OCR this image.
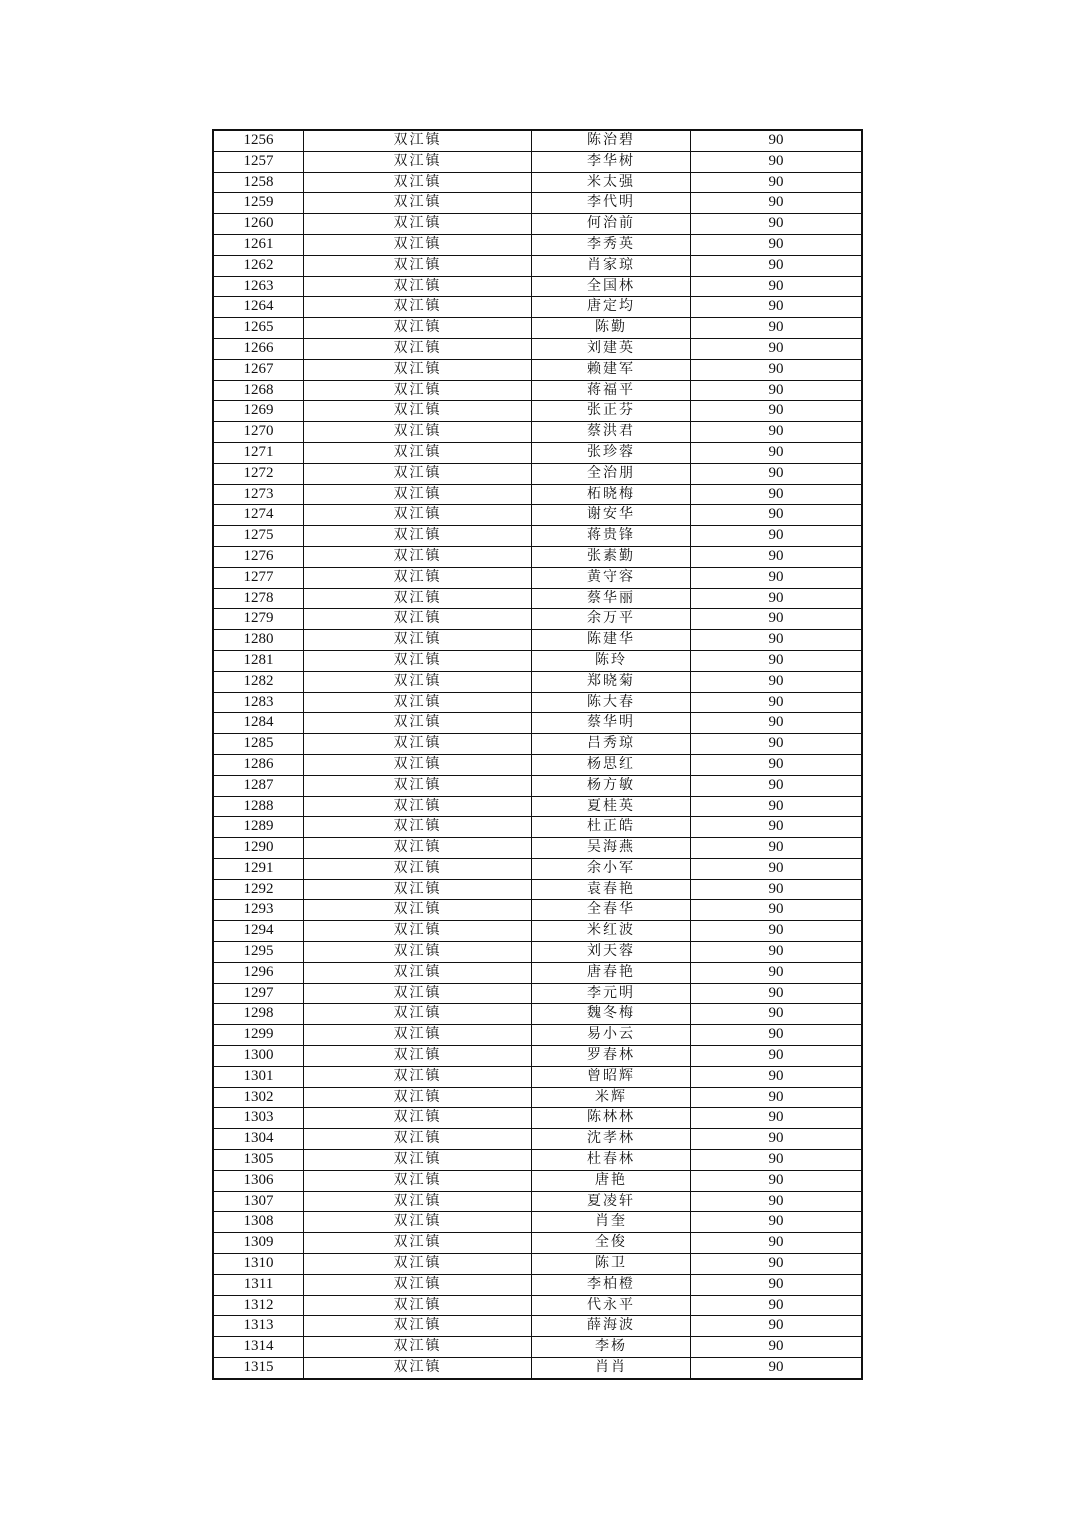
1256	双江镇	陈治碧	90
1257	双江镇	李华树	90
1258	双江镇	米太强	90
1259	双江镇	李代明	90
1260	双江镇	何治前	90
1261	双江镇	李秀英	90
1262	双江镇	肖家琼	90
1263	双江镇	全国林	90
1264	双江镇	唐定均	90
1265	双江镇	陈勤	90
1266	双江镇	刘建英	90
1267	双江镇	赖建军	90
1268	双江镇	蒋福平	90
1269	双江镇	张正芬	90
1270	双江镇	蔡洪君	90
1271	双江镇	张珍蓉	90
1272	双江镇	全治朋	90
1273	双江镇	柘晓梅	90
1274	双江镇	谢安华	90
1275	双江镇	蒋贵锋	90
1276	双江镇	张素勤	90
1277	双江镇	黄守容	90
1278	双江镇	蔡华丽	90
1279	双江镇	余万平	90
1280	双江镇	陈建华	90
1281	双江镇	陈玲	90
1282	双江镇	郑晓菊	90
1283	双江镇	陈大春	90
1284	双江镇	蔡华明	90
1285	双江镇	吕秀琼	90
1286	双江镇	杨思红	90
1287	双江镇	杨方敏	90
1288	双江镇	夏桂英	90
1289	双江镇	杜正皓	90
1290	双江镇	吴海燕	90
1291	双江镇	余小军	90
1292	双江镇	袁春艳	90
1293	双江镇	全春华	90
1294	双江镇	米红波	90
1295	双江镇	刘天蓉	90
1296	双江镇	唐春艳	90
1297	双江镇	李元明	90
1298	双江镇	魏冬梅	90
1299	双江镇	易小云	90
1300	双江镇	罗春林	90
1301	双江镇	曾昭辉	90
1302	双江镇	米辉	90
1303	双江镇	陈林林	90
1304	双江镇	沈孝林	90
1305	双江镇	杜春林	90
1306	双江镇	唐艳	90
1307	双江镇	夏凌轩	90
1308	双江镇	肖奎	90
1309	双江镇	全俊	90
1310	双江镇	陈卫	90
1311	双江镇	李柏橙	90
1312	双江镇	代永平	90
1313	双江镇	薛海波	90
1314	双江镇	李杨	90
1315	双江镇	肖肖	90
